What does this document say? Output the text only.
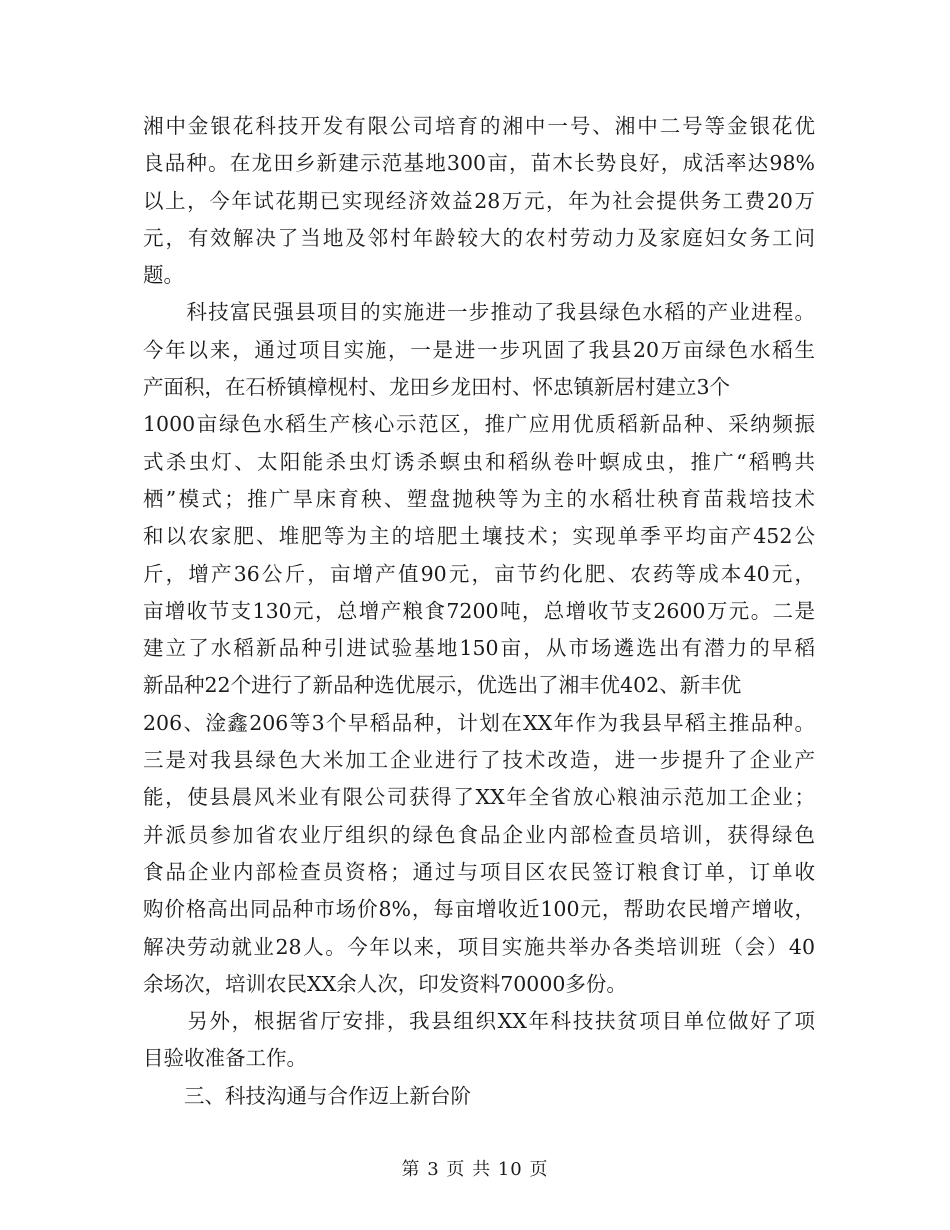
湘中金银花科技开发有限公司培育的湘中一号、湘中二号等金银花优
良品种。在龙田乡新建示范基地300亩，苗木长势良好，成活率达98%
以上，今年试花期已实现经济效益28万元，年为社会提供务工费20万
元，有效解决了当地及邻村年龄较大的农村劳动力及家庭妇女务工问
题。
　　科技富民强县项目的实施进一步推动了我县绿色水稻的产业进程。
今年以来，通过项目实施，一是进一步巩固了我县20万亩绿色水稻生
产面积，在石桥镇樟枧村、龙田乡龙田村、怀忠镇新居村建立3个
1000亩绿色水稻生产核心示范区，推广应用优质稻新品种、采纳频振
式杀虫灯、太阳能杀虫灯诱杀螟虫和稻纵卷叶螟成虫，推广“稻鸭共
栖”模式；推广旱床育秧、塑盘抛秧等为主的水稻壮秧育苗栽培技术
和以农家肥、堆肥等为主的培肥土壤技术；实现单季平均亩产452公
斤，增产36公斤，亩增产值90元，亩节约化肥、农药等成本40元，
亩增收节支130元，总增产粮食7200吨，总增收节支2600万元。二是
建立了水稻新品种引进试验基地150亩，从市场遴选出有潜力的早稻
新品种22个进行了新品种选优展示，优选出了湘丰优402、新丰优
206、淦鑫206等3个早稻品种，计划在XX年作为我县早稻主推品种。
三是对我县绿色大米加工企业进行了技术改造，进一步提升了企业产
能，使县晨风米业有限公司获得了XX年全省放心粮油示范加工企业；
并派员参加省农业厅组织的绿色食品企业内部检查员培训，获得绿色
食品企业内部检查员资格；通过与项目区农民签订粮食订单，订单收
购价格高出同品种市场价8%，每亩增收近100元，帮助农民增产增收，
解决劳动就业28人。今年以来，项目实施共举办各类培训班（会）40
余场次，培训农民XX余人次，印发资料70000多份。
　　另外，根据省厅安排，我县组织XX年科技扶贫项目单位做好了项
目验收准备工作。
　　三、科技沟通与合作迈上新台阶
第 3 页 共 10 页
